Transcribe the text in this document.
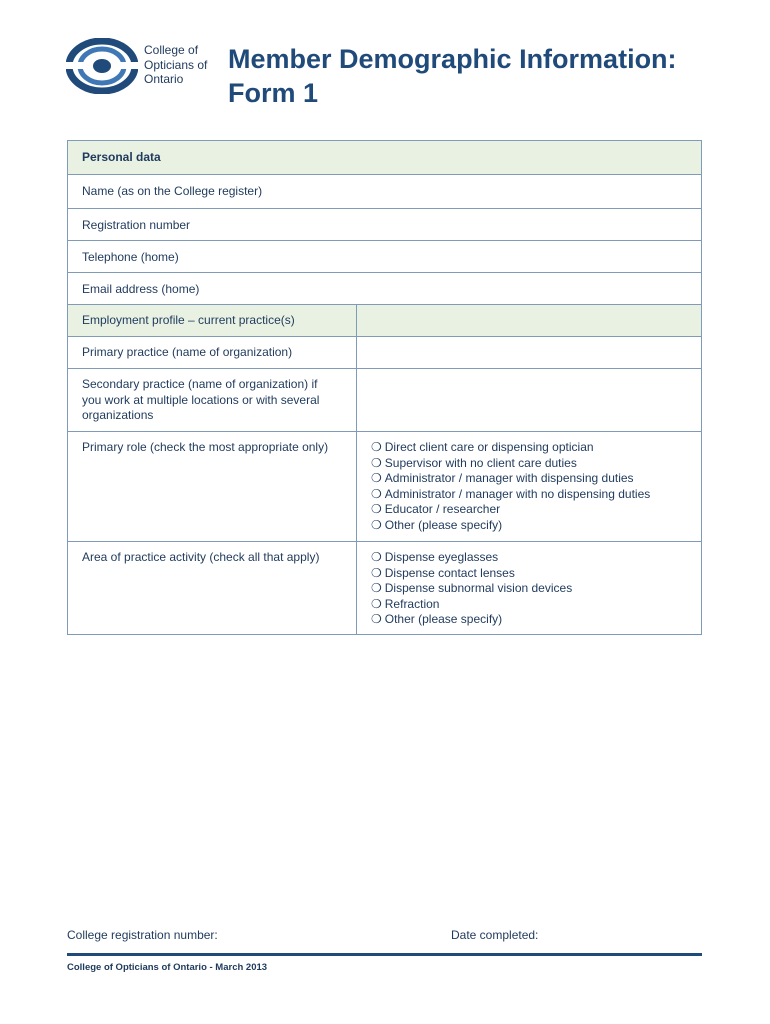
College of
Opticians of
Ontario
Member Demographic Information:
Form 1
Personal data
Name (as on the College register)
Registration number
Telephone (home)
Email address (home)
Employment profile – current practice(s)
Primary practice (name of organization)
Secondary practice (name of organization) if
you work at multiple locations or with several
organizations
Primary role (check the most appropriate only)	❍ Direct client care or dispensing optician
❍ Supervisor with no client care duties
❍ Administrator / manager with dispensing duties
❍ Administrator / manager with no dispensing duties
❍ Educator / researcher
❍ Other (please specify)
Area of practice activity (check all that apply)	❍ Dispense eyeglasses
❍ Dispense contact lenses
❍ Dispense subnormal vision devices
❍ Refraction
❍ Other (please specify)
College registration number:	Date completed:
College of Opticians of Ontario - March 2013
